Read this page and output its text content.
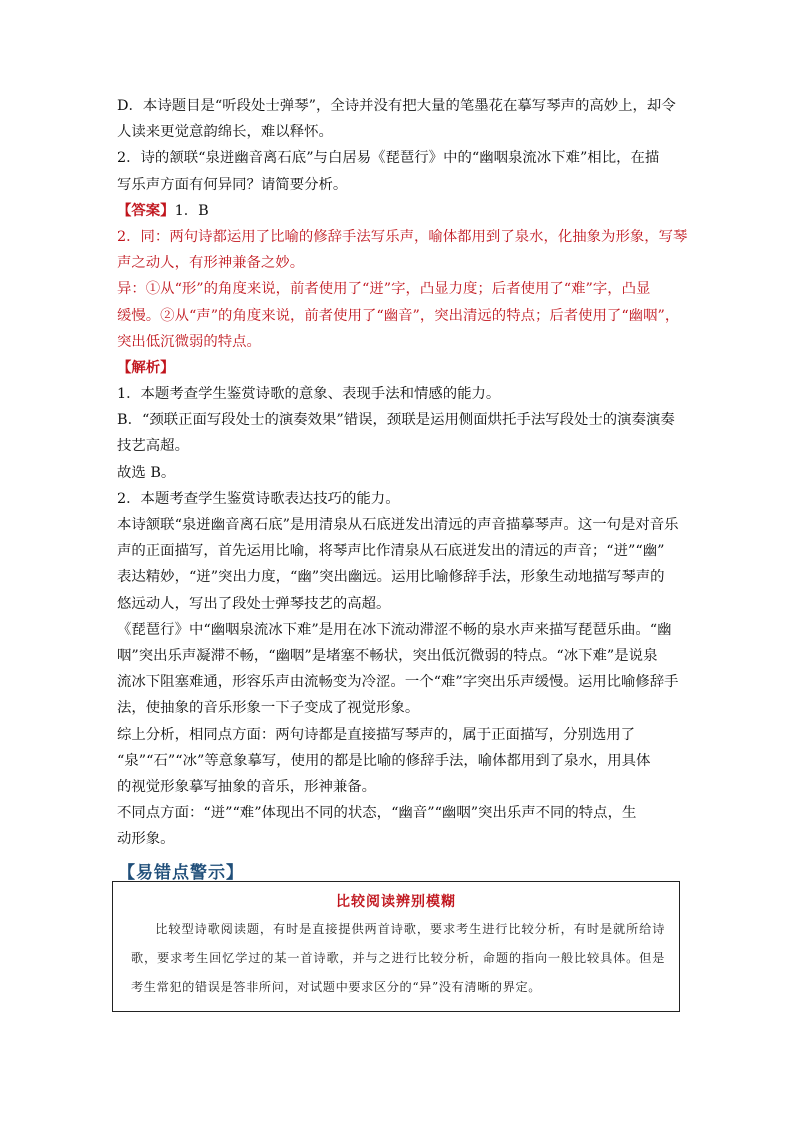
D．本诗题目是“听段处士弹琴”，全诗并没有把大量的笔墨花在摹写琴声的高妙上，却令
人读来更觉意韵绵长，难以释怀。
2．诗的颔联“泉迸幽音离石底”与白居易《琵琶行》中的“幽咽泉流冰下难”相比，在描
写乐声方面有何异同？请简要分析。
【答案】1．B
2．同：两句诗都运用了比喻的修辞手法写乐声，喻体都用到了泉水，化抽象为形象，写琴
声之动人，有形神兼备之妙。
异：①从“形”的角度来说，前者使用了“迸”字，凸显力度；后者使用了“难”字，凸显
缓慢。②从“声”的角度来说，前者使用了“幽音”，突出清远的特点；后者使用了“幽咽”，
突出低沉微弱的特点。
【解析】
1．本题考查学生鉴赏诗歌的意象、表现手法和情感的能力。
B．“颈联正面写段处士的演奏效果”错误，颈联是运用侧面烘托手法写段处士的演奏演奏
技艺高超。
故选 B。
2．本题考查学生鉴赏诗歌表达技巧的能力。
本诗颔联“泉迸幽音离石底”是用清泉从石底迸发出清远的声音描摹琴声。这一句是对音乐
声的正面描写，首先运用比喻，将琴声比作清泉从石底迸发出的清远的声音；“迸”“幽”
表达精妙，“迸”突出力度，“幽”突出幽远。运用比喻修辞手法，形象生动地描写琴声的
悠远动人，写出了段处士弹琴技艺的高超。
《琵琶行》中“幽咽泉流冰下难”是用在冰下流动滞涩不畅的泉水声来描写琵琶乐曲。“幽
咽”突出乐声凝滞不畅，“幽咽”是堵塞不畅状，突出低沉微弱的特点。“冰下难”是说泉
流冰下阻塞难通，形容乐声由流畅变为冷涩。一个“难”字突出乐声缓慢。运用比喻修辞手
法，使抽象的音乐形象一下子变成了视觉形象。
综上分析，相同点方面：两句诗都是直接描写琴声的，属于正面描写，分别选用了
“泉”“石”“冰”等意象摹写，使用的都是比喻的修辞手法，喻体都用到了泉水，用具体
的视觉形象摹写抽象的音乐，形神兼备。
不同点方面：“迸”“难”体现出不同的状态，“幽音”“幽咽”突出乐声不同的特点，生
动形象。
【易错点警示】
比较阅读辨别模糊
比较型诗歌阅读题，有时是直接提供两首诗歌，要求考生进行比较分析，有时是就所给诗歌，要求考生回忆学过的某一首诗歌，并与之进行比较分析，命题的指向一般比较具体。但是考生常犯的错误是答非所问，对试题中要求区分的“异”没有清晰的界定。
